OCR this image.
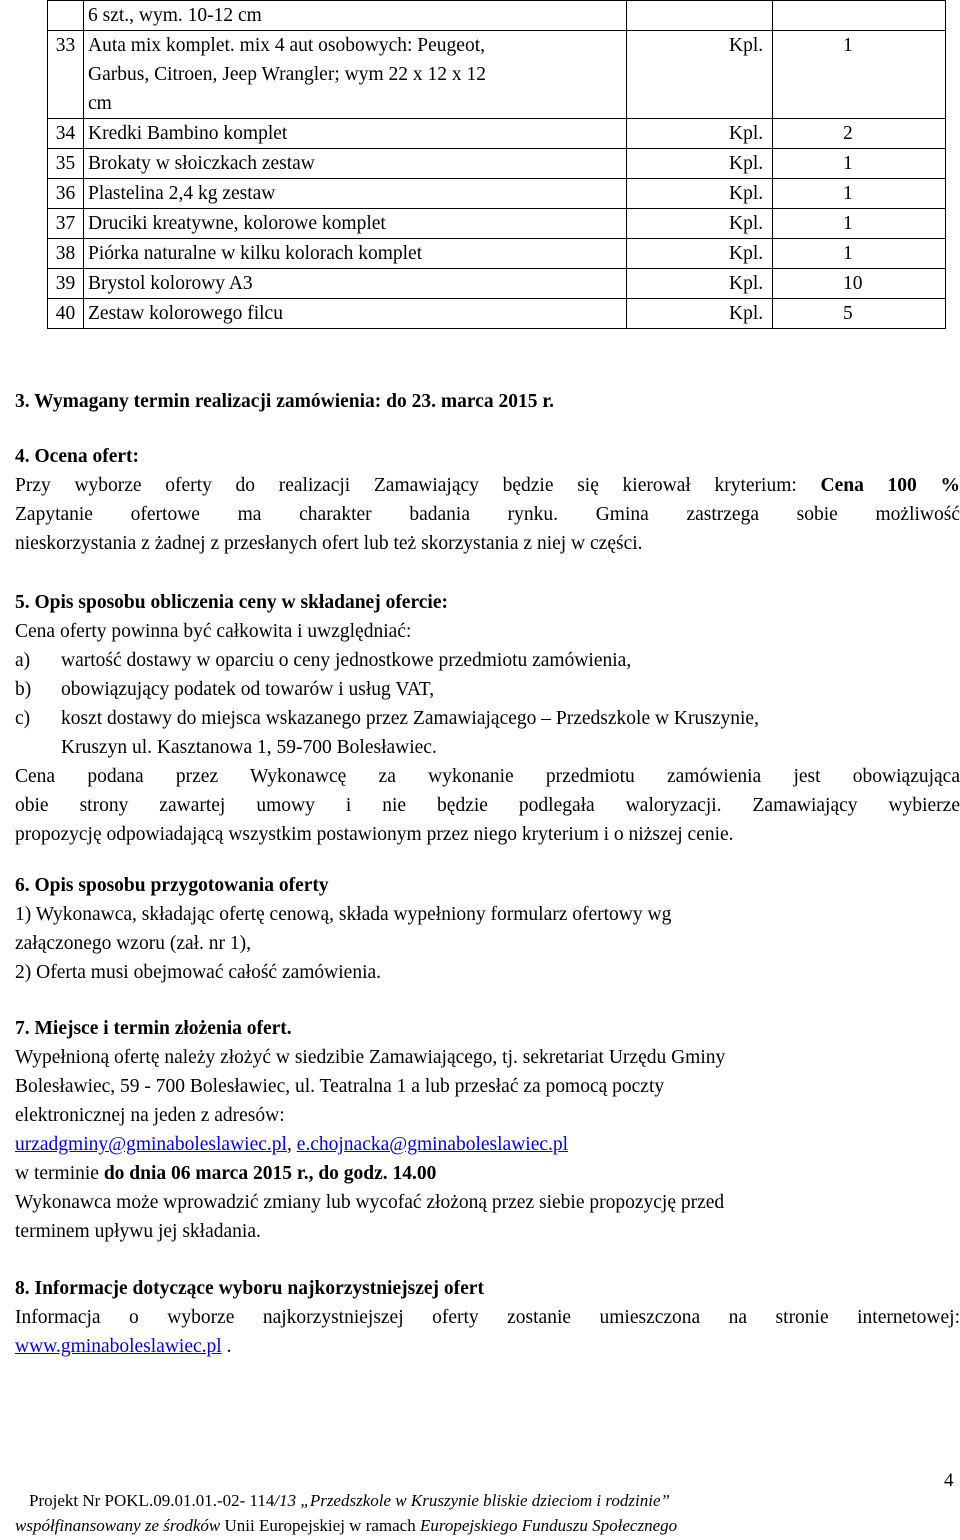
	6 szt., wym. 10-12 cm		
33	Auta mix komplet. mix 4 aut osobowych: Peugeot,
Garbus, Citroen, Jeep Wrangler; wym 22 x 12 x 12
cm	Kpl.	1
34	Kredki Bambino komplet	Kpl.	2
35	Brokaty w słoiczkach zestaw	Kpl.	1
36	Plastelina 2,4 kg zestaw	Kpl.	1
37	Druciki kreatywne, kolorowe komplet	Kpl.	1
38	Piórka naturalne w kilku kolorach komplet	Kpl.	1
39	Brystol kolorowy A3	Kpl.	10
40	Zestaw kolorowego filcu	Kpl.	5
3. Wymagany termin realizacji zamówienia: do 23. marca 2015 r.
4. Ocena ofert:
Przy wyborze oferty do realizacji Zamawiający będzie się kierował kryterium: Cena 100 %
Zapytanie ofertowe ma charakter badania rynku. Gmina zastrzega sobie możliwość
nieskorzystania z żadnej z przesłanych ofert lub też skorzystania z niej w części.
5. Opis sposobu obliczenia ceny w składanej ofercie:
Cena oferty powinna być całkowita i uwzględniać:
a) wartość dostawy w oparciu o ceny jednostkowe przedmiotu zamówienia,
b) obowiązujący podatek od towarów i usług VAT,
c) koszt dostawy do miejsca wskazanego przez Zamawiającego – Przedszkole w Kruszynie,
Kruszyn ul. Kasztanowa 1, 59-700 Bolesławiec.
Cena podana przez Wykonawcę za wykonanie przedmiotu zamówienia jest obowiązująca
obie strony zawartej umowy i nie będzie podlegała waloryzacji. Zamawiający wybierze
propozycję odpowiadającą wszystkim postawionym przez niego kryterium i o niższej cenie.
6. Opis sposobu przygotowania oferty
1) Wykonawca, składając ofertę cenową, składa wypełniony formularz ofertowy wg
załączonego wzoru (zał. nr 1),
2) Oferta musi obejmować całość zamówienia.
7. Miejsce i termin złożenia ofert.
Wypełnioną ofertę należy złożyć w siedzibie Zamawiającego, tj. sekretariat Urzędu Gminy
Bolesławiec, 59 - 700 Bolesławiec, ul. Teatralna 1 a lub przesłać za pomocą poczty
elektronicznej na jeden z adresów:
urzadgminy@gminaboleslawiec.pl, e.chojnacka@gminaboleslawiec.pl
w terminie do dnia 06 marca 2015 r., do godz. 14.00
Wykonawca może wprowadzić zmiany lub wycofać złożoną przez siebie propozycję przed
terminem upływu jej składania.
8. Informacje dotyczące wyboru najkorzystniejszej ofert
Informacja o wyborze najkorzystniejszej oferty zostanie umieszczona na stronie internetowej:
www.gminaboleslawiec.pl .
4
Projekt Nr POKL.09.01.01.-02- 114/13 „Przedszkole w Kruszynie bliskie dzieciom i rodzinie”
współfinansowany ze środków Unii Europejskiej w ramach Europejskiego Funduszu Społecznego
